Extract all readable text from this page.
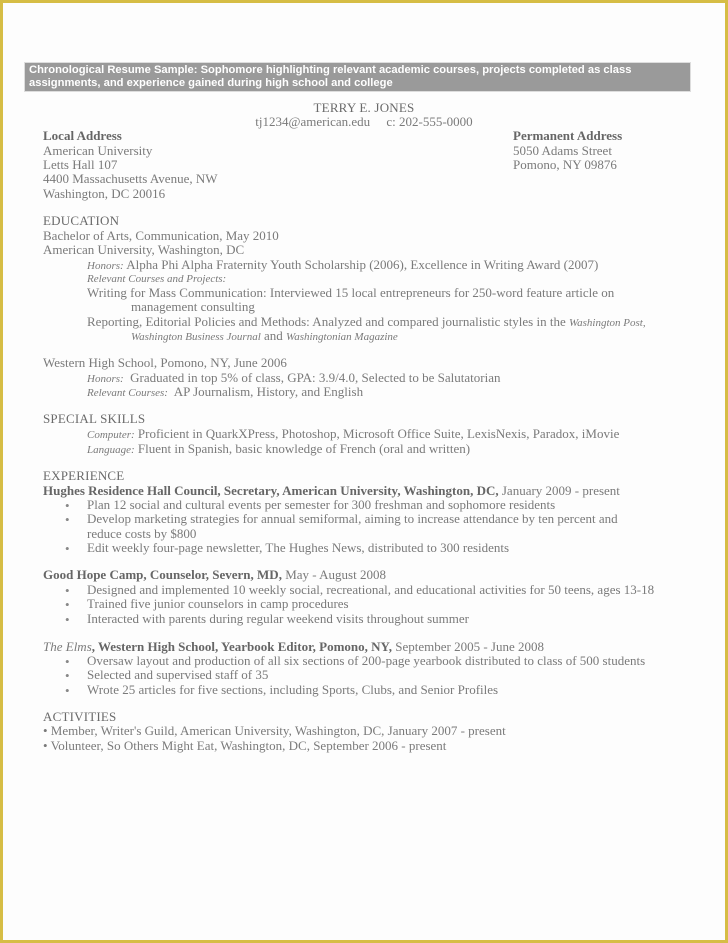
Chronological Resume Sample: Sophomore highlighting relevant academic courses, projects completed as class assignments, and experience gained during high school and college
TERRY E. JONES
tj1234@american.edu     c: 202-555-0000
Local Address
American University
Letts Hall 107
4400 Massachusetts Avenue, NW
Washington, DC 20016
Permanent Address
5050 Adams Street
Pomono, NY 09876
EDUCATION
Bachelor of Arts, Communication, May 2010
American University, Washington, DC
Honors: Alpha Phi Alpha Fraternity Youth Scholarship (2006), Excellence in Writing Award (2007)
Relevant Courses and Projects:
Writing for Mass Communication: Interviewed 15 local entrepreneurs for 250-word feature article on
management consulting
Reporting, Editorial Policies and Methods: Analyzed and compared journalistic styles in the Washington Post,
Washington Business Journal and Washingtonian Magazine
Western High School, Pomono, NY, June 2006
Honors:  Graduated in top 5% of class, GPA: 3.9/4.0, Selected to be Salutatorian
Relevant Courses:  AP Journalism, History, and English
SPECIAL SKILLS
Computer: Proficient in QuarkXPress, Photoshop, Microsoft Office Suite, LexisNexis, Paradox, iMovie
Language: Fluent in Spanish, basic knowledge of French (oral and written)
EXPERIENCE
Hughes Residence Hall Council, Secretary, American University, Washington, DC, January 2009 - present
• Plan 12 social and cultural events per semester for 300 freshman and sophomore residents
• Develop marketing strategies for annual semiformal, aiming to increase attendance by ten percent and
reduce costs by $800
• Edit weekly four-page newsletter, The Hughes News, distributed to 300 residents
Good Hope Camp, Counselor, Severn, MD, May - August 2008
• Designed and implemented 10 weekly social, recreational, and educational activities for 50 teens, ages 13-18
• Trained five junior counselors in camp procedures
• Interacted with parents during regular weekend visits throughout summer
The Elms, Western High School, Yearbook Editor, Pomono, NY, September 2005 - June 2008
• Oversaw layout and production of all six sections of 200-page yearbook distributed to class of 500 students
• Selected and supervised staff of 35
• Wrote 25 articles for five sections, including Sports, Clubs, and Senior Profiles
ACTIVITIES
• Member, Writer's Guild, American University, Washington, DC, January 2007 - present
• Volunteer, So Others Might Eat, Washington, DC, September 2006 - present
